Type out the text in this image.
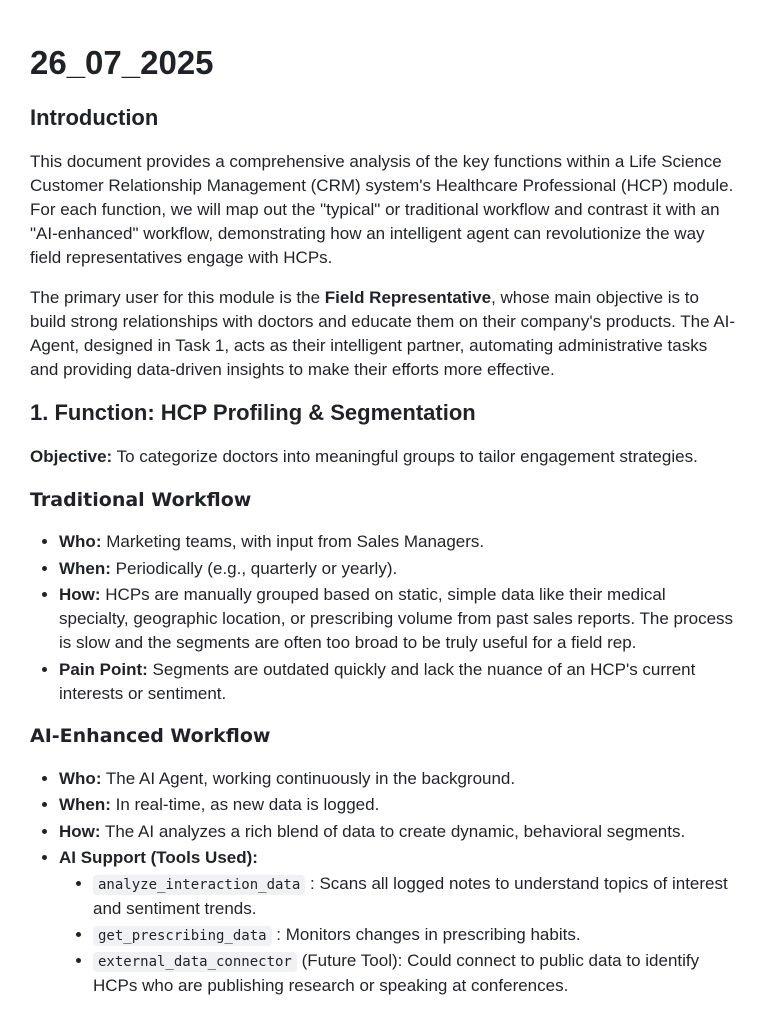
26_07_2025
Introduction

This document provides a comprehensive analysis of the key functions within a Life Science Customer Relationship Management (CRM) system's Healthcare Professional (HCP) module. For each function, we will map out the "typical" or traditional workflow and contrast it with an "AI-enhanced" workflow, demonstrating how an intelligent agent can revolutionize the way field representatives engage with HCPs.

The primary user for this module is the Field Representative, whose main objective is to build strong relationships with doctors and educate them on their company's products. The AI-Agent, designed in Task 1, acts as their intelligent partner, automating administrative tasks and providing data-driven insights to make their efforts more effective.

1. Function: HCP Profiling & Segmentation

Objective: To categorize doctors into meaningful groups to tailor engagement strategies.

Traditional Workflow
• Who: Marketing teams, with input from Sales Managers.
• When: Periodically (e.g., quarterly or yearly).
• How: HCPs are manually grouped based on static, simple data like their medical specialty, geographic location, or prescribing volume from past sales reports. The process is slow and the segments are often too broad to be truly useful for a field rep.
• Pain Point: Segments are outdated quickly and lack the nuance of an HCP's current interests or sentiment.
AI-Enhanced Workflow
• Who: The AI Agent, working continuously in the background.
• When: In real-time, as new data is logged.
• How: The AI analyzes a rich blend of data to create dynamic, behavioral segments.
• AI Support (Tools Used):
• analyze_interaction_data : Scans all logged notes to understand topics of interest and sentiment trends.
• get_prescribing_data : Monitors changes in prescribing habits.
• external_data_connector (Future Tool): Could connect to public data to identify HCPs who are publishing research or speaking at conferences.
